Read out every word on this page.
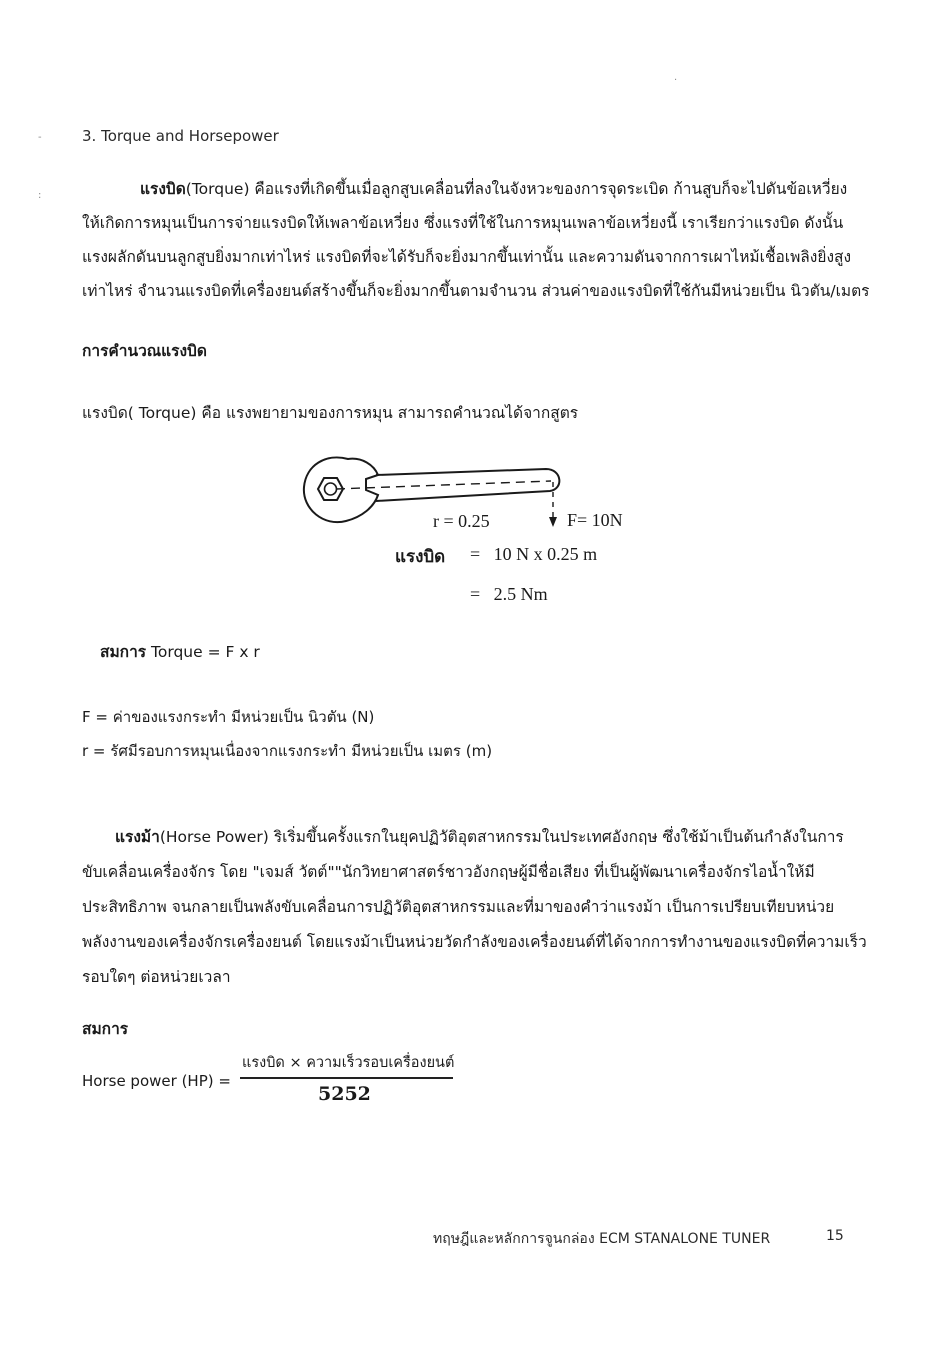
-
:
.
3. Torque and Horsepower
แรงบิด(Torque) คือแรงที่เกิดขึ้นเมื่อลูกสูบเคลื่อนที่ลงในจังหวะของการจุดระเบิด ก้านสูบก็จะไปดันข้อเหวี่ยง
ให้เกิดการหมุนเป็นการจ่ายแรงบิดให้เพลาข้อเหวี่ยง ซึ่งแรงที่ใช้ในการหมุนเพลาข้อเหวี่ยงนี้ เราเรียกว่าแรงบิด ดังนั้น
แรงผลักดันบนลูกสูบยิ่งมากเท่าไหร่ แรงบิดที่จะได้รับก็จะยิ่งมากขึ้นเท่านั้น และความดันจากการเผาไหม้เชื้อเพลิงยิ่งสูง
เท่าไหร่ จำนวนแรงบิดที่เครื่องยนต์สร้างขึ้นก็จะยิ่งมากขึ้นตามจำนวน ส่วนค่าของแรงบิดที่ใช้กันมีหน่วยเป็น นิวตัน/เมตร
การคำนวณแรงบิด
แรงบิด( Torque) คือ แรงพยายามของการหมุน สามารถคำนวณได้จากสูตร
r = 0.25	F= 10N
แรงบิด =   10 N x 0.25 m
=   2.5 Nm
สมการ Torque = F x r
F = ค่าของแรงกระทำ มีหน่วยเป็น นิวตัน (N)
r = รัศมีรอบการหมุนเนื่องจากแรงกระทำ มีหน่วยเป็น เมตร (m)
แรงม้า(Horse Power) ริเริ่มขึ้นครั้งแรกในยุคปฏิวัติอุตสาหกรรมในประเทศอังกฤษ ซึ่งใช้ม้าเป็นต้นกำลังในการ
ขับเคลื่อนเครื่องจักร โดย "เจมส์ วัตต์""นักวิทยาศาสตร์ชาวอังกฤษผู้มีชื่อเสียง ที่เป็นผู้พัฒนาเครื่องจักรไอน้ำให้มี
ประสิทธิภาพ จนกลายเป็นพลังขับเคลื่อนการปฏิวัติอุตสาหกรรมและที่มาของคำว่าแรงม้า เป็นการเปรียบเทียบหน่วย
พลังงานของเครื่องจักรเครื่องยนต์ โดยแรงม้าเป็นหน่วยวัดกำลังของเครื่องยนต์ที่ได้จากการทำงานของแรงบิดที่ความเร็ว
รอบใดๆ ต่อหน่วยเวลา
สมการ
Horse power (HP) =
แรงบิด × ความเร็วรอบเครื่องยนต์
5252
ทฤษฎีและหลักการจูนกล่อง ECM STANALONE TUNER	15
